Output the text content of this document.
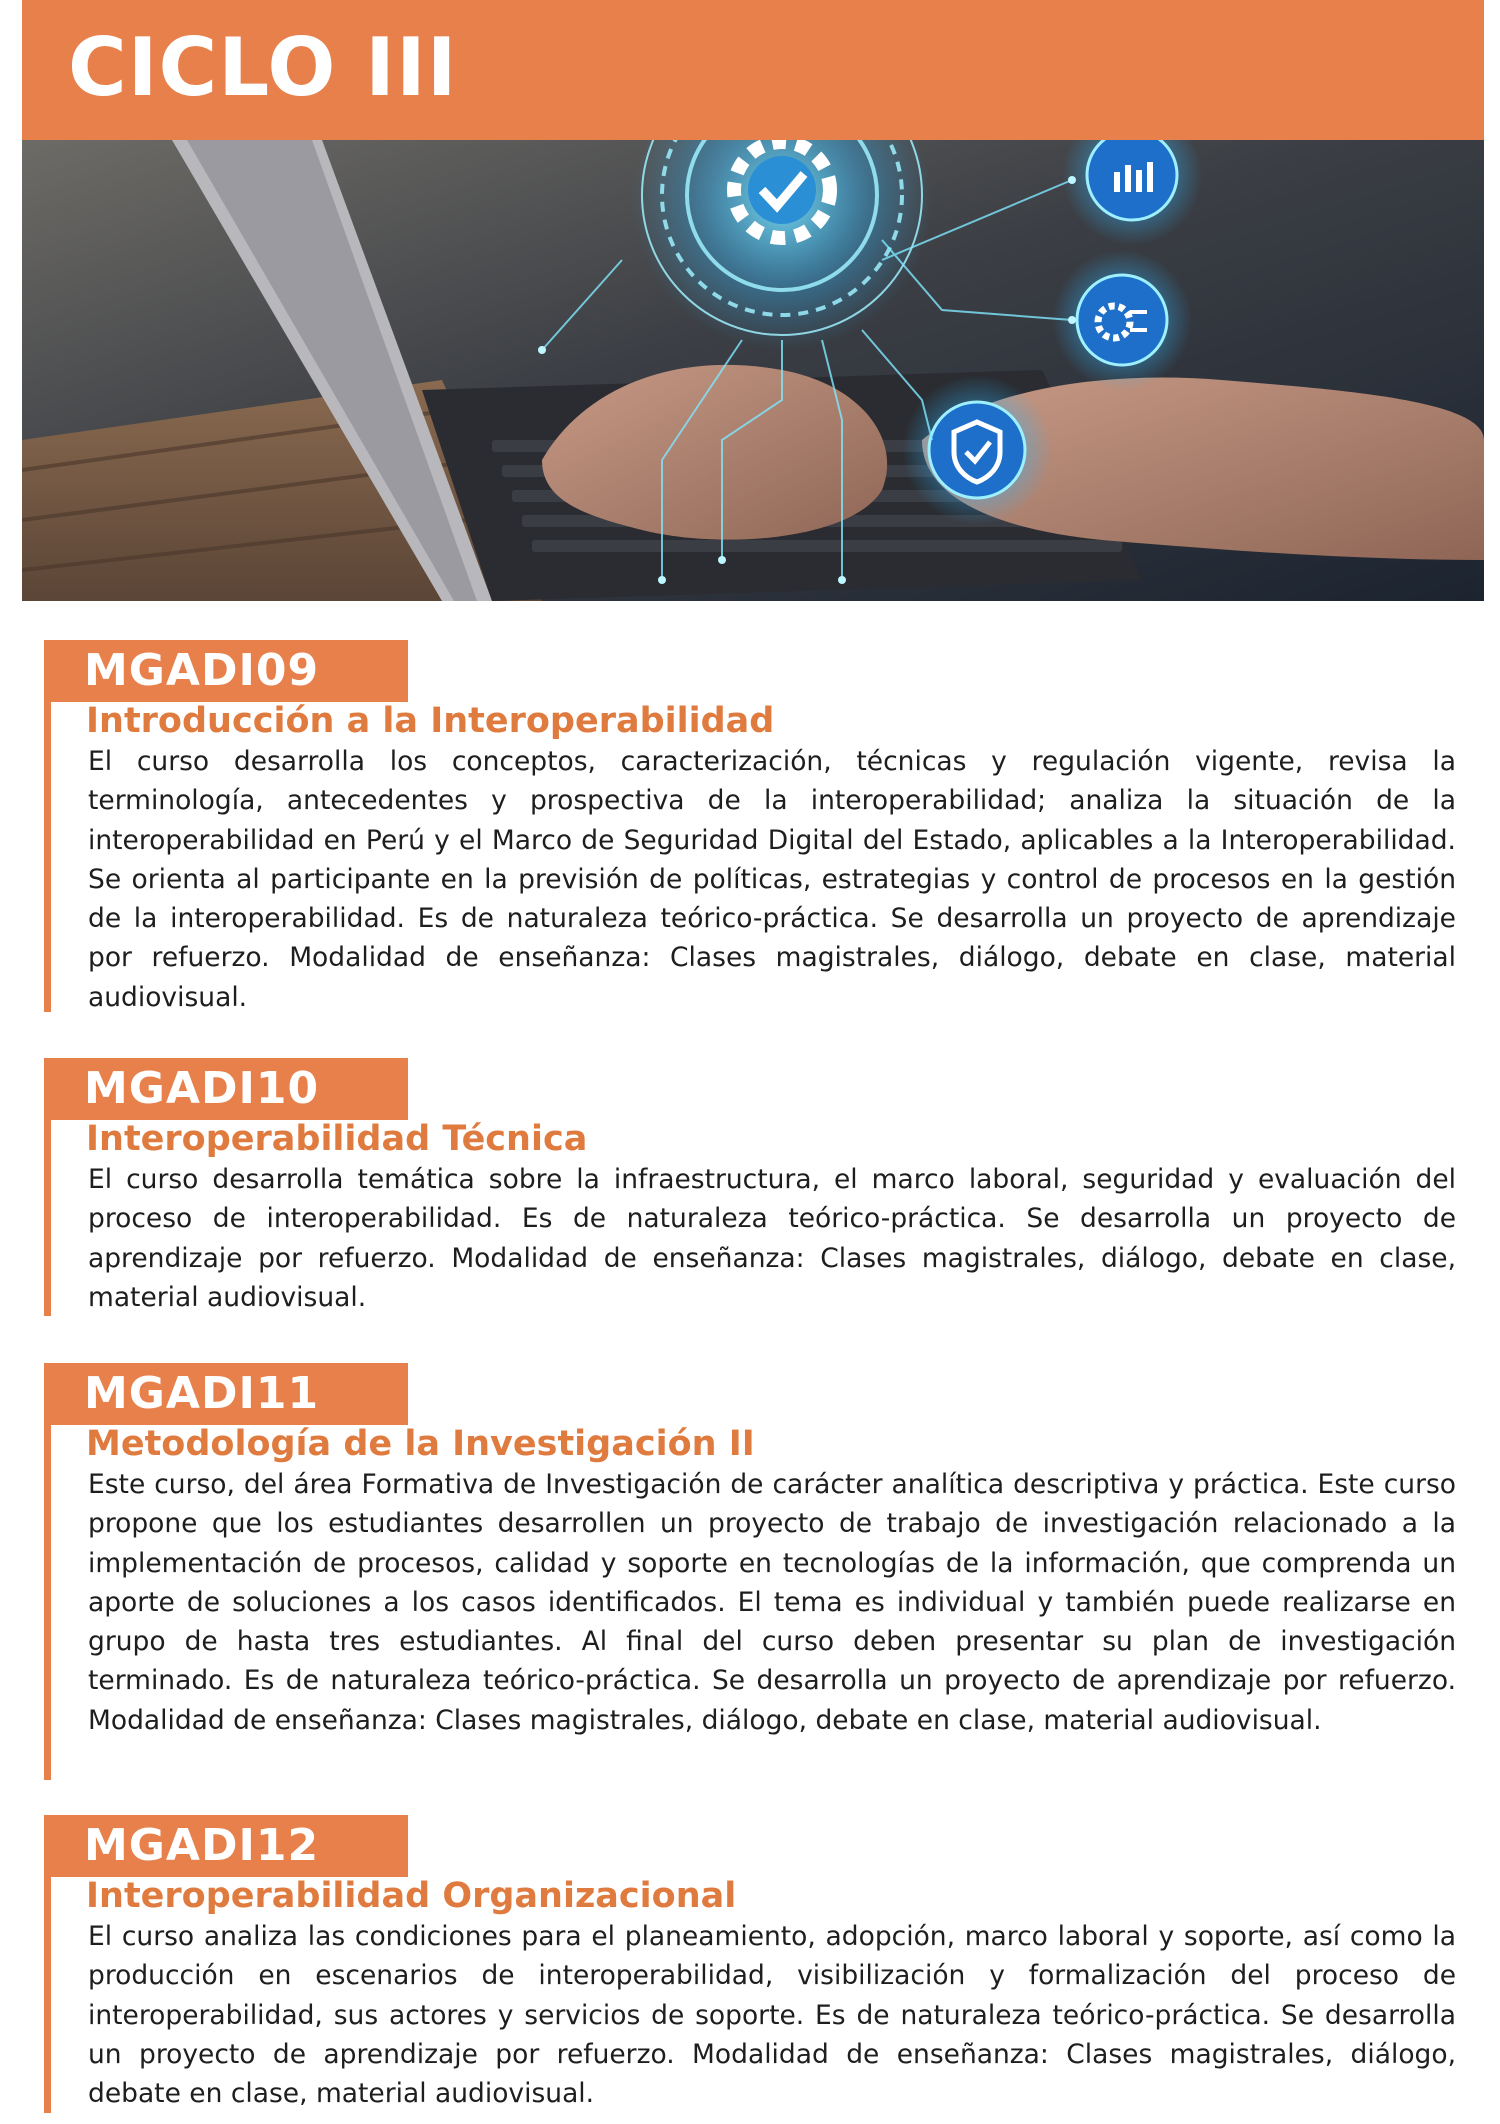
CICLO III
MGADI09
Introducción a la Interoperabilidad

El curso desarrolla los conceptos, caracterización, técnicas y regulación vigente, revisa la terminología, antecedentes y prospectiva de la interoperabilidad; analiza la situación de la interoperabilidad en Perú y el Marco de Seguridad Digital del Estado, aplicables a la Interoperabilidad. Se orienta al participante en la previsión de políticas, estrategias y control de procesos en la gestión de la interoperabilidad. Es de naturaleza teórico-práctica. Se desarrolla un proyecto de aprendizaje por refuerzo. Modalidad de enseñanza: Clases magistrales, diálogo, debate en clase, material audiovisual.

MGADI10
Interoperabilidad Técnica

El curso desarrolla temática sobre la infraestructura, el marco laboral, seguridad y evaluación del proceso de interoperabilidad. Es de naturaleza teórico-práctica. Se desarrolla un proyecto de aprendizaje por refuerzo. Modalidad de enseñanza: Clases magistrales, diálogo, debate en clase, material audiovisual.

MGADI11
Metodología de la Investigación II

Este curso, del área Formativa de Investigación de carácter analítica descriptiva y práctica. Este curso propone que los estudiantes desarrollen un proyecto de trabajo de investigación relacionado a la implementación de procesos, calidad y soporte en tecnologías de la información, que comprenda un aporte de soluciones a los casos identificados. El tema es individual y también puede realizarse en grupo de hasta tres estudiantes. Al final del curso deben presentar su plan de investigación terminado. Es de naturaleza teórico-práctica. Se desarrolla un proyecto de aprendizaje por refuerzo. Modalidad de enseñanza: Clases magistrales, diálogo, debate en clase, material audiovisual.

MGADI12
Interoperabilidad Organizacional

El curso analiza las condiciones para el planeamiento, adopción, marco laboral y soporte, así como la producción en escenarios de interoperabilidad, visibilización y formalización del proceso de interoperabilidad, sus actores y servicios de soporte. Es de naturaleza teórico-práctica. Se desarrolla un proyecto de aprendizaje por refuerzo. Modalidad de enseñanza: Clases magistrales, diálogo, debate en clase, material audiovisual.
